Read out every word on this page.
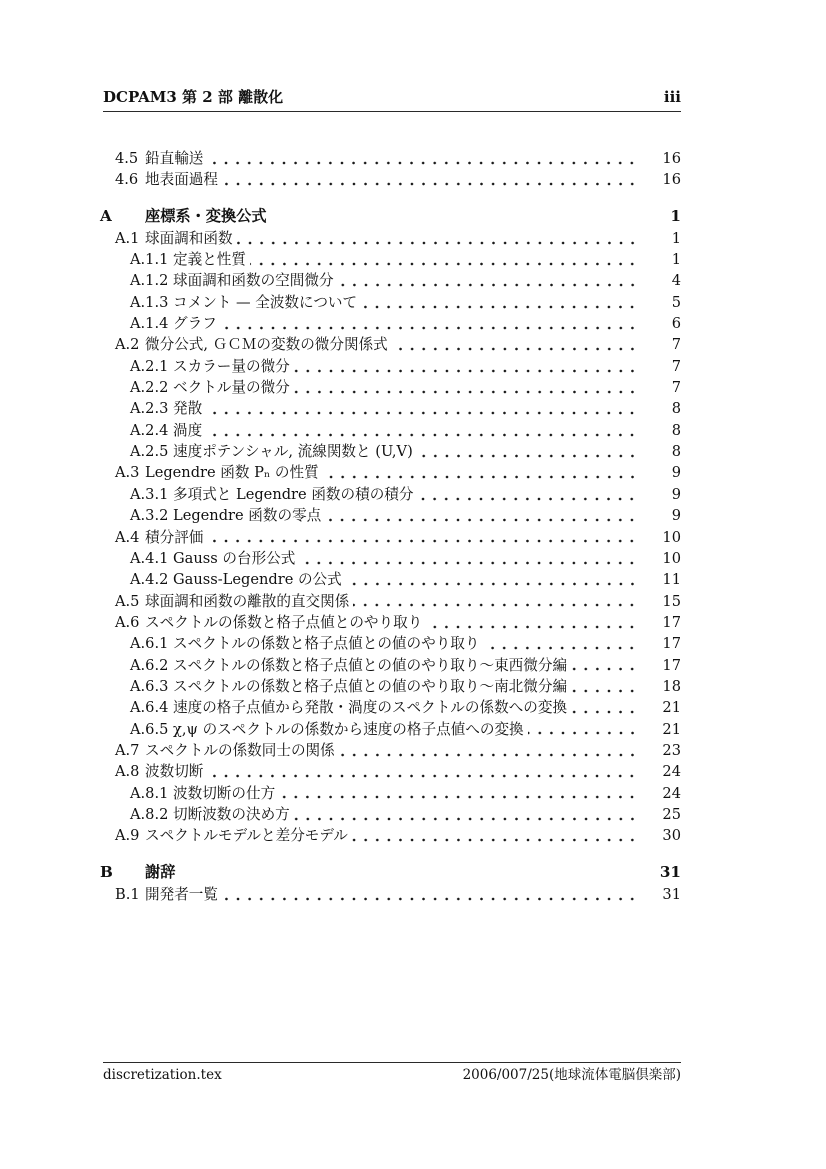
DCPAM3 第 2 部 離散化	iii
4.5 鉛直輸送	16
4.6 地表面過程	16
A	座標系・変換公式	1
A.1 球面調和函数	1
A.1.1 定義と性質	1
A.1.2 球面調和函数の空間微分	4
A.1.3 コメント — 全波数について	5
A.1.4 グラフ	6
A.2 微分公式, ＧＣＭの変数の微分関係式	7
A.2.1 スカラー量の微分	7
A.2.2 ベクトル量の微分	7
A.2.3 発散	8
A.2.4 渦度	8
A.2.5 速度ポテンシャル, 流線関数と (U,V)	8
A.3 Legendre 函数 Pₙ の性質	9
A.3.1 多項式と Legendre 函数の積の積分	9
A.3.2 Legendre 函数の零点	9
A.4 積分評価	10
A.4.1 Gauss の台形公式	10
A.4.2 Gauss-Legendre の公式	11
A.5 球面調和函数の離散的直交関係	15
A.6 スペクトルの係数と格子点値とのやり取り	17
A.6.1 スペクトルの係数と格子点値との値のやり取り	17
A.6.2 スペクトルの係数と格子点値との値のやり取り〜東西微分編	17
A.6.3 スペクトルの係数と格子点値との値のやり取り〜南北微分編	18
A.6.4 速度の格子点値から発散・渦度のスペクトルの係数への変換	21
A.6.5 χ,ψ のスペクトルの係数から速度の格子点値への変換	21
A.7 スペクトルの係数同士の関係	23
A.8 波数切断	24
A.8.1 波数切断の仕方	24
A.8.2 切断波数の決め方	25
A.9 スペクトルモデルと差分モデル	30
B	謝辞	31
B.1 開発者一覧	31
discretization.tex	2006/007/25(地球流体電脳倶楽部)
